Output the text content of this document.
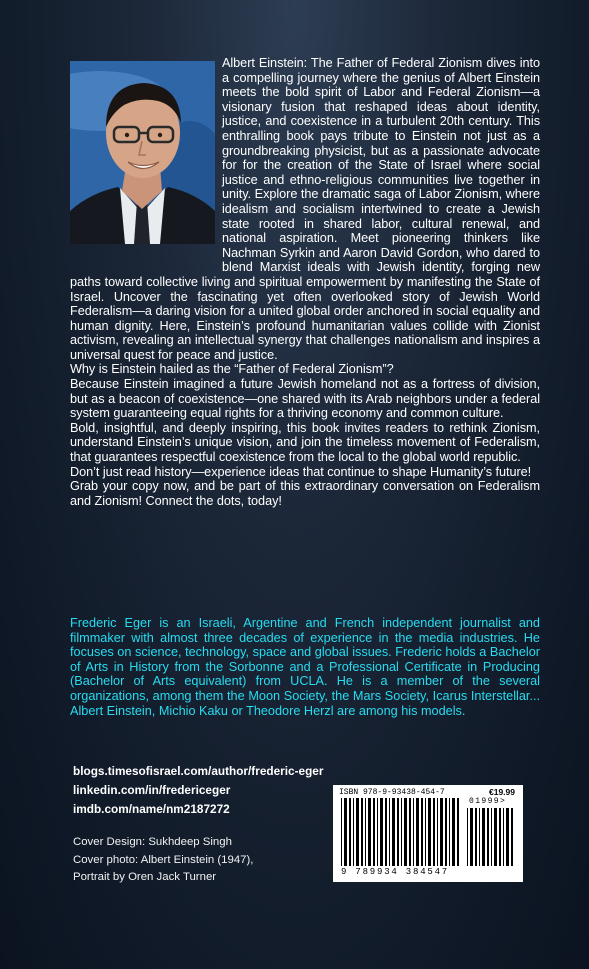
Albert Einstein: The Father of Federal Zionism dives into a compelling journey where the genius of Albert Einstein meets the bold spirit of Labor and Federal Zionism—a visionary fusion that reshaped ideas about identity, justice, and coexistence in a turbulent 20th century. This enthralling book pays tribute to Einstein not just as a groundbreaking physicist, but as a passionate advocate for for the creation of the State of Israel where social justice and ethno-religious communities live together in unity. Explore the dramatic saga of Labor Zionism, where idealism and socialism intertwined to create a Jewish state rooted in shared labor, cultural renewal, and national aspiration. Meet pioneering thinkers like Nachman Syrkin and Aaron David Gordon, who dared to blend Marxist ideals with Jewish identity, forging new paths toward collective living and spiritual empowerment by manifesting the State of Israel. Uncover the fascinating yet often overlooked story of Jewish World Federalism—a daring vision for a united global order anchored in social equality and human dignity. Here, Einstein’s profound humanitarian values collide with Zionist activism, revealing an intellectual synergy that challenges nationalism and inspires a universal quest for peace and justice.

Why is Einstein hailed as the “Father of Federal Zionism”?

Because Einstein imagined a future Jewish homeland not as a fortress of division, but as a beacon of coexistence—one shared with its Arab neighbors under a federal system guaranteeing equal rights for a thriving economy and common culture.

Bold, insightful, and deeply inspiring, this book invites readers to rethink Zionism, understand Einstein’s unique vision, and join the timeless movement of Federalism, that guarantees respectful coexistence from the local to the global world republic.

Don’t just read history—experience ideas that continue to shape Humanity’s future!

Grab your copy now, and be part of this extraordinary conversation on Federalism and Zionism! Connect the dots, today!

Frederic Eger is an Israeli, Argentine and French independent journalist and filmmaker with almost three decades of experience in the media industries. He focuses on science, technology, space and global issues. Frederic holds a Bachelor of Arts in History from the Sorbonne and a Professional Certificate in Producing (Bachelor of Arts equivalent) from UCLA. He is a member of the several organizations, among them the Moon Society, the Mars Society, Icarus Interstellar... Albert Einstein, Michio Kaku or Theodore Herzl are among his models.

blogs.timesofisrael.com/author/frederic-eger
linkedin.com/in/fredericeger
imdb.com/name/nm2187272
Cover Design: Sukhdeep Singh
Cover photo: Albert Einstein (1947),
Portrait by Oren Jack Turner
ISBN 978-9-93438-454-7	€19.99
01999>
9 789934 384547
